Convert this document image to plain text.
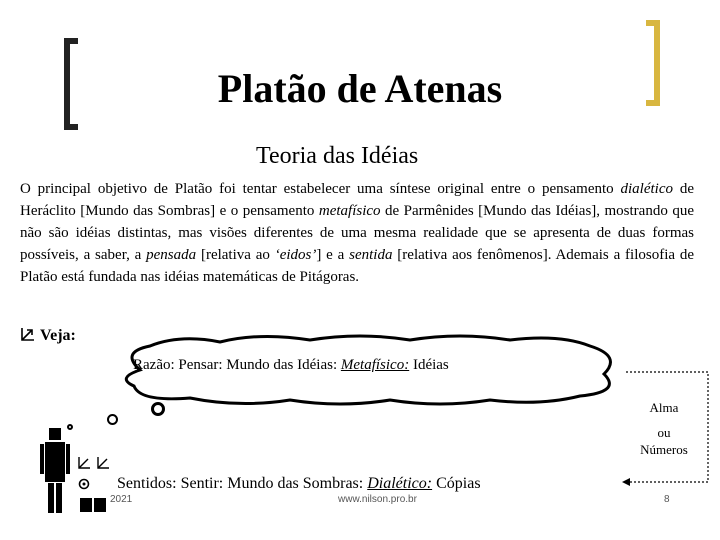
Platão de Atenas
Teoria das Idéias
O principal objetivo de Platão foi tentar estabelecer uma síntese original entre o pensamento dialético de Heráclito [Mundo das Sombras] e o pensamento metafísico de Parmênides [Mundo das Idéias], mostrando que não são idéias distintas, mas visões diferentes de uma mesma realidade que se apresenta de duas formas possíveis, a saber, a pensada [relativa ao ‘eidos’] e a sentida [relativa aos fenômenos]. Ademais a filosofia de Platão está fundada nas idéias matemáticas de Pitágoras.
Veja:
Razão: Pensar: Mundo das Idéias: Metafísico: Idéias
Alma
ou
Números
Sentidos: Sentir: Mundo das Sombras: Dialético: Cópias
2021	www.nilson.pro.br	8
